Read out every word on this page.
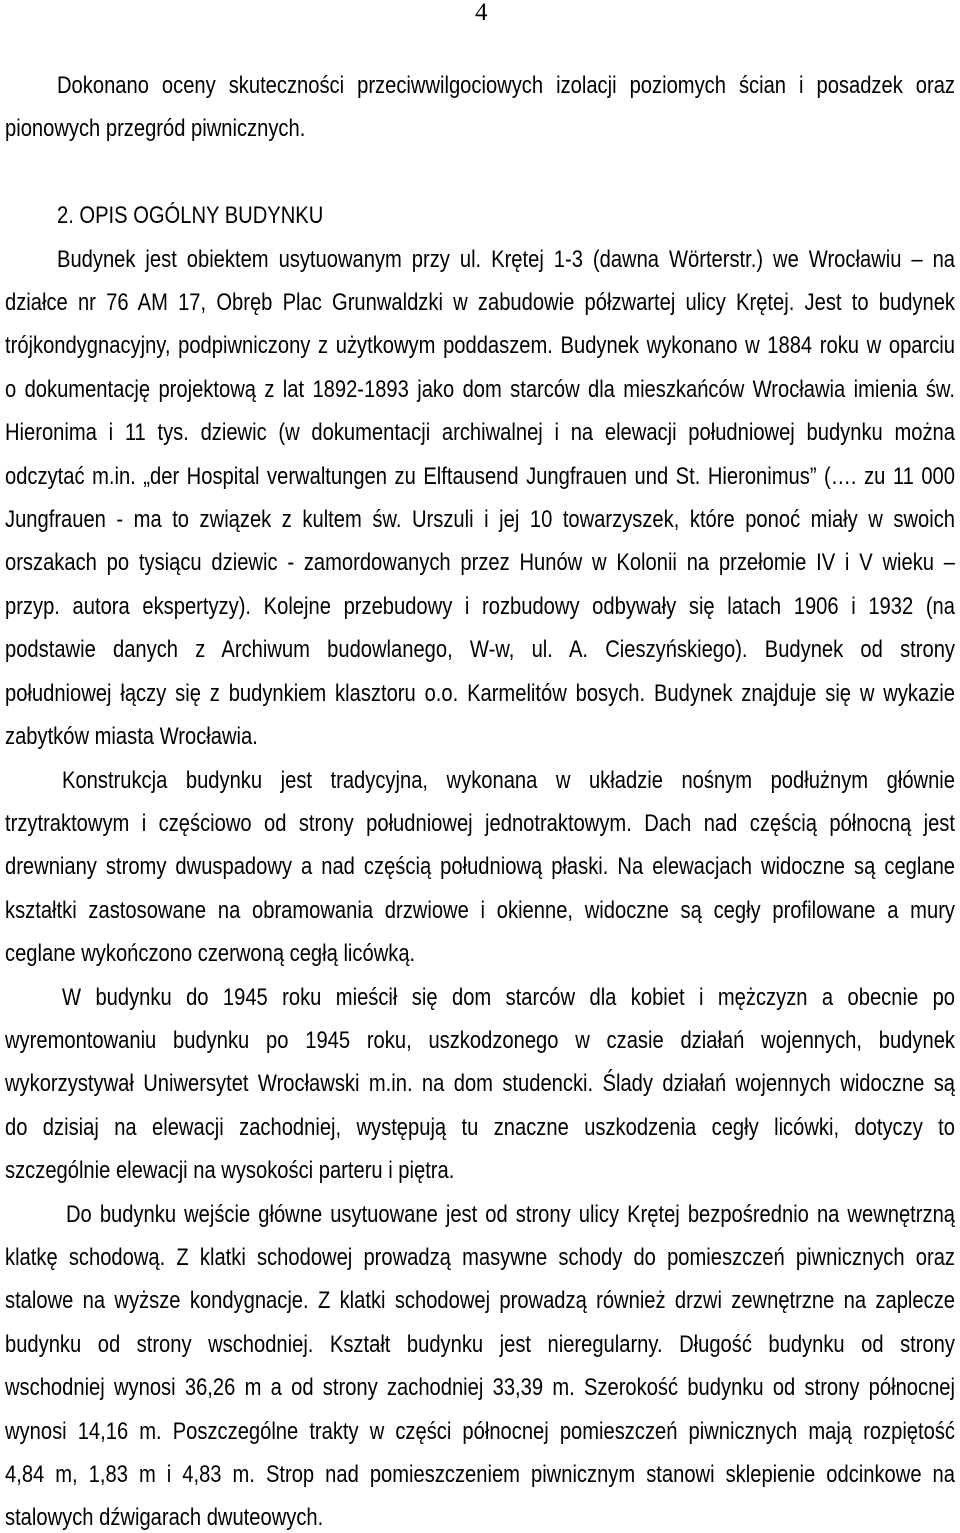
4
Dokonano oceny skuteczności przeciwwilgociowych izolacji poziomych ścian i posadzek oraz
pionowych przegród piwnicznych.
2. OPIS OGÓLNY BUDYNKU
Budynek jest obiektem usytuowanym przy ul. Krętej 1-3 (dawna Wörterstr.) we Wrocławiu – na
działce nr 76 AM 17, Obręb Plac Grunwaldzki w zabudowie półzwartej ulicy Krętej. Jest to budynek
trójkondygnacyjny, podpiwniczony z użytkowym poddaszem. Budynek wykonano w 1884 roku w oparciu
o dokumentację projektową z lat 1892-1893 jako dom starców dla mieszkańców Wrocławia imienia św.
Hieronima i 11 tys. dziewic (w dokumentacji archiwalnej i na elewacji południowej budynku można
odczytać m.in. „der Hospital verwaltungen zu Elftausend Jungfrauen und St. Hieronimus” (…. zu 11 000
Jungfrauen - ma to związek z kultem św. Urszuli i jej 10 towarzyszek, które ponoć miały w swoich
orszakach po tysiącu dziewic - zamordowanych przez Hunów w Kolonii na przełomie IV i V wieku –
przyp. autora ekspertyzy). Kolejne przebudowy i rozbudowy odbywały się latach 1906 i 1932 (na
podstawie danych z Archiwum budowlanego, W-w, ul. A. Cieszyńskiego). Budynek od strony
południowej łączy się z budynkiem klasztoru o.o. Karmelitów bosych. Budynek znajduje się w wykazie
zabytków miasta Wrocławia.
Konstrukcja budynku jest tradycyjna, wykonana w układzie nośnym podłużnym głównie
trzytraktowym i częściowo od strony południowej jednotraktowym. Dach nad częścią północną jest
drewniany stromy dwuspadowy a nad częścią południową płaski. Na elewacjach widoczne są ceglane
kształtki zastosowane na obramowania drzwiowe i okienne, widoczne są cegły profilowane a mury
ceglane wykończono czerwoną cegłą licówką.
W budynku do 1945 roku mieścił się dom starców dla kobiet i mężczyzn a obecnie po
wyremontowaniu budynku po 1945 roku, uszkodzonego w czasie działań wojennych, budynek
wykorzystywał Uniwersytet Wrocławski m.in. na dom studencki. Ślady działań wojennych widoczne są
do dzisiaj na elewacji zachodniej, występują tu znaczne uszkodzenia cegły licówki, dotyczy to
szczególnie elewacji na wysokości parteru i piętra.
Do budynku wejście główne usytuowane jest od strony ulicy Krętej bezpośrednio na wewnętrzną
klatkę schodową. Z klatki schodowej prowadzą masywne schody do pomieszczeń piwnicznych oraz
stalowe na wyższe kondygnacje. Z klatki schodowej prowadzą również drzwi zewnętrzne na zaplecze
budynku od strony wschodniej. Kształt budynku jest nieregularny. Długość budynku od strony
wschodniej wynosi 36,26 m a od strony zachodniej 33,39 m. Szerokość budynku od strony północnej
wynosi 14,16 m. Poszczególne trakty w części północnej pomieszczeń piwnicznych mają rozpiętość
4,84 m, 1,83 m i 4,83 m. Strop nad pomieszczeniem piwnicznym stanowi sklepienie odcinkowe na
stalowych dźwigarach dwuteowych.
